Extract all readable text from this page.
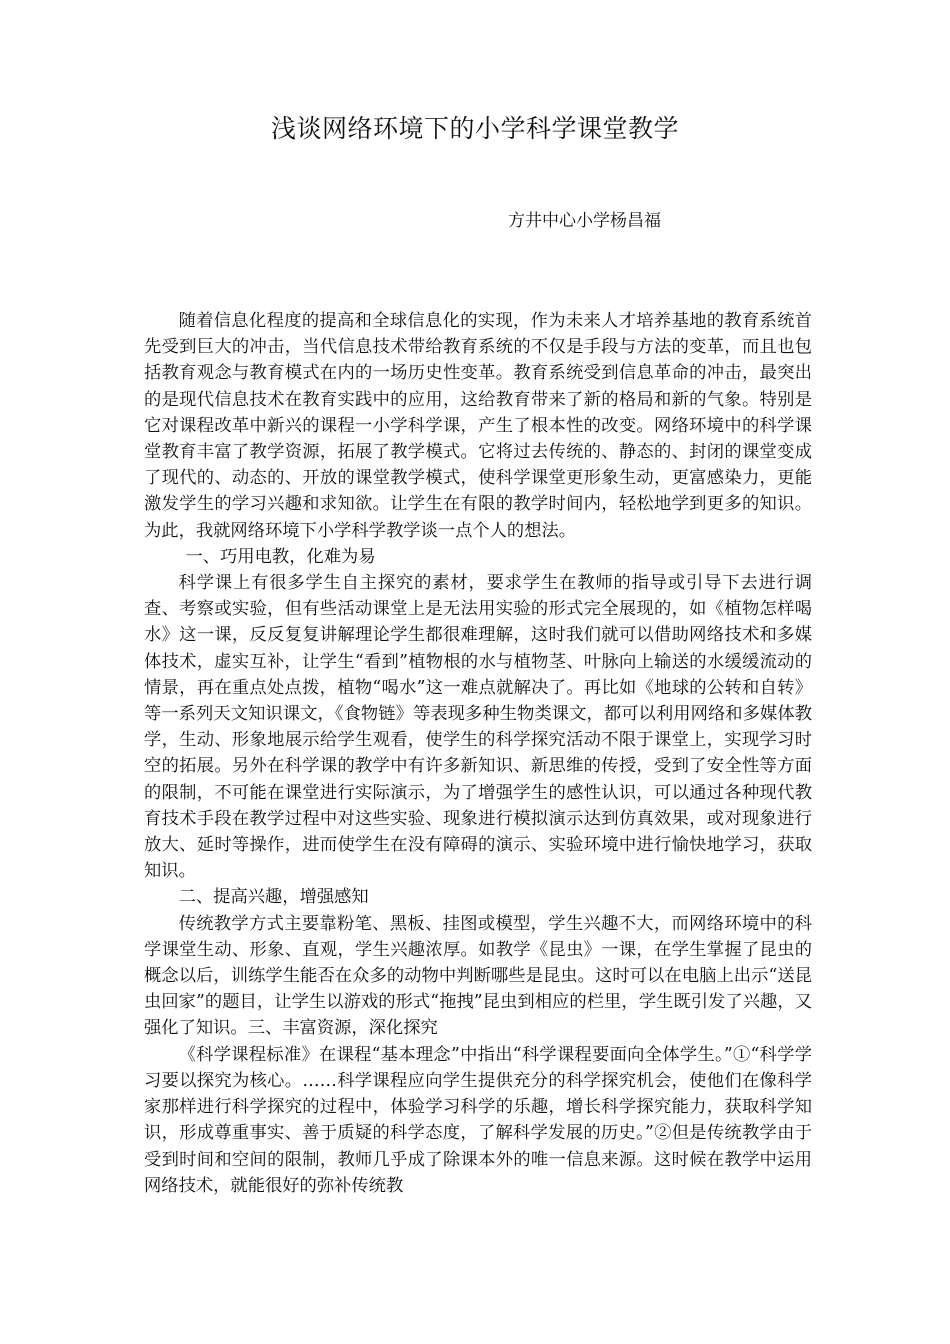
浅谈网络环境下的小学科学课堂教学

方井中心小学杨昌福

随着信息化程度的提高和全球信息化的实现，作为未来人才培养基地的教育系统首先受到巨大的冲击，当代信息技术带给教育系统的不仅是手段与方法的变革，而且也包括教育观念与教育模式在内的一场历史性变革。教育系统受到信息革命的冲击，最突出的是现代信息技术在教育实践中的应用，这给教育带来了新的格局和新的气象。特别是它对课程改革中新兴的课程一小学科学课，产生了根本性的改变。网络环境中的科学课堂教育丰富了教学资源，拓展了教学模式。它将过去传统的、静态的、封闭的课堂变成了现代的、动态的、开放的课堂教学模式，使科学课堂更形象生动，更富感染力，更能激发学生的学习兴趣和求知欲。让学生在有限的教学时间内，轻松地学到更多的知识。为此，我就网络环境下小学科学教学谈一点个人的想法。

一、巧用电教，化难为易

科学课上有很多学生自主探究的素材，要求学生在教师的指导或引导下去进行调查、考察或实验，但有些活动课堂上是无法用实验的形式完全展现的，如《植物怎样喝水》这一课，反反复复讲解理论学生都很难理解，这时我们就可以借助网络技术和多媒体技术，虚实互补，让学生“看到”植物根的水与植物茎、叶脉向上输送的水缓缓流动的情景，再在重点处点拨，植物“喝水”这一难点就解决了。再比如《地球的公转和自转》等一系列天文知识课文，《食物链》等表现多种生物类课文，都可以利用网络和多媒体教学，生动、形象地展示给学生观看，使学生的科学探究活动不限于课堂上，实现学习时空的拓展。另外在科学课的教学中有许多新知识、新思维的传授，受到了安全性等方面的限制，不可能在课堂进行实际演示，为了增强学生的感性认识，可以通过各种现代教育技术手段在教学过程中对这些实验、现象进行模拟演示达到仿真效果，或对现象进行放大、延时等操作，进而使学生在没有障碍的演示、实验环境中进行愉快地学习，获取知识。

二、提高兴趣，增强感知

传统教学方式主要靠粉笔、黑板、挂图或模型，学生兴趣不大，而网络环境中的科学课堂生动、形象、直观，学生兴趣浓厚。如教学《昆虫》一课，在学生掌握了昆虫的概念以后，训练学生能否在众多的动物中判断哪些是昆虫。这时可以在电脑上出示“送昆虫回家”的题目，让学生以游戏的形式“拖拽”昆虫到相应的栏里，学生既引发了兴趣，又强化了知识。三、丰富资源，深化探究

《科学课程标准》在课程“基本理念”中指出“科学课程要面向全体学生。”①“科学学习要以探究为核心。……科学课程应向学生提供充分的科学探究机会，使他们在像科学家那样进行科学探究的过程中，体验学习科学的乐趣，增长科学探究能力，获取科学知识，形成尊重事实、善于质疑的科学态度，了解科学发展的历史。”②但是传统教学由于受到时间和空间的限制，教师几乎成了除课本外的唯一信息来源。这时候在教学中运用网络技术，就能很好的弥补传统教
